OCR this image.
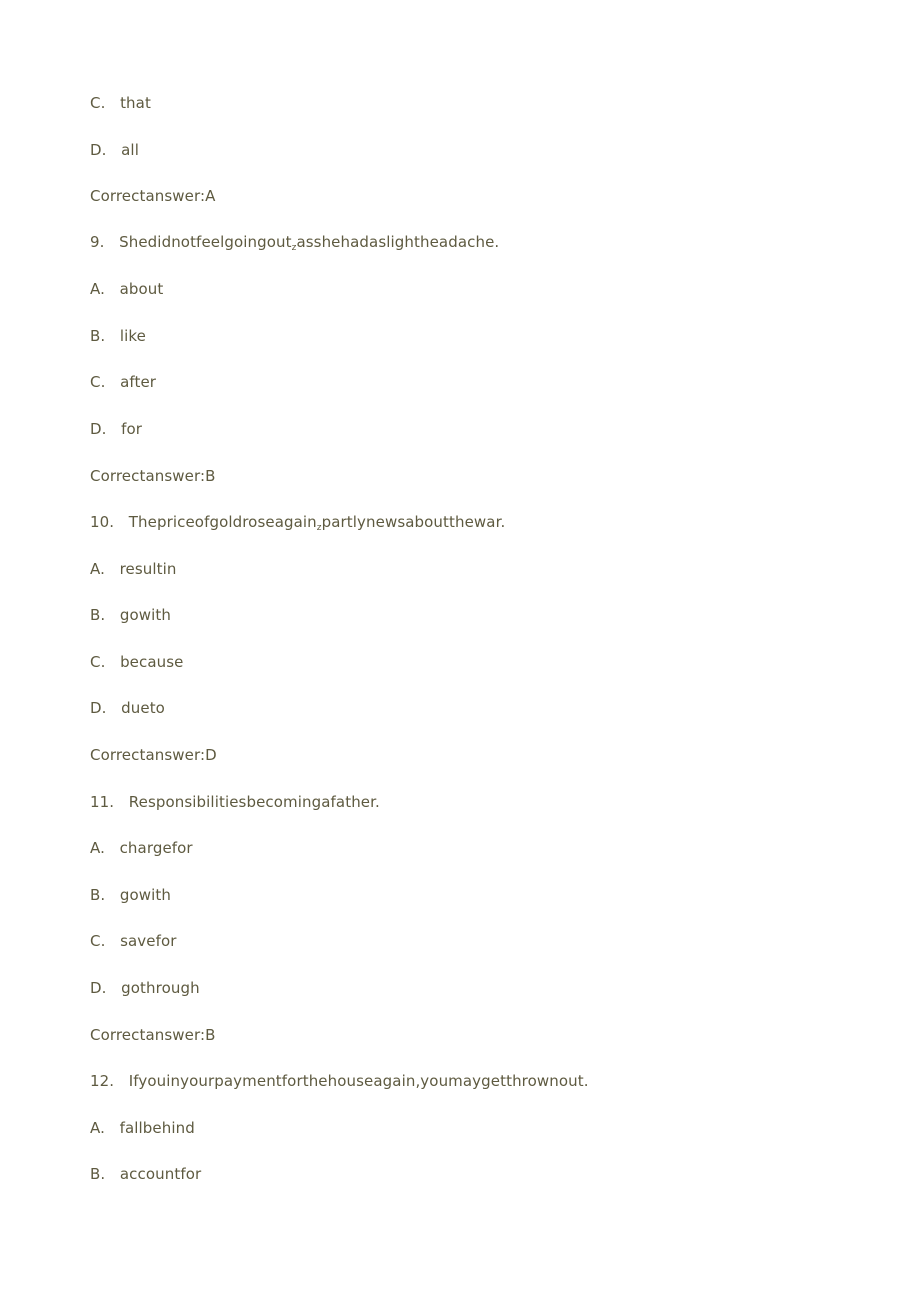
C. that
D. all
Correctanswer:A
9. Shedidnotfeelgoingout$_z$asshehadaslightheadache.
A. about
B. like
C. after
D. for
Correctanswer:B
10. Thepriceofgoldroseagain$_z$partlynewsaboutthewar.
A. resultin
B. gowith
C. because
D. dueto
Correctanswer:D
11. Responsibilitiesbecomingafather.
A. chargefor
B. gowith
C. savefor
D. gothrough
Correctanswer:B
12. Ifyouinyourpaymentforthehouseagain,youmaygetthrownout.
A. fallbehind
B. accountfor
